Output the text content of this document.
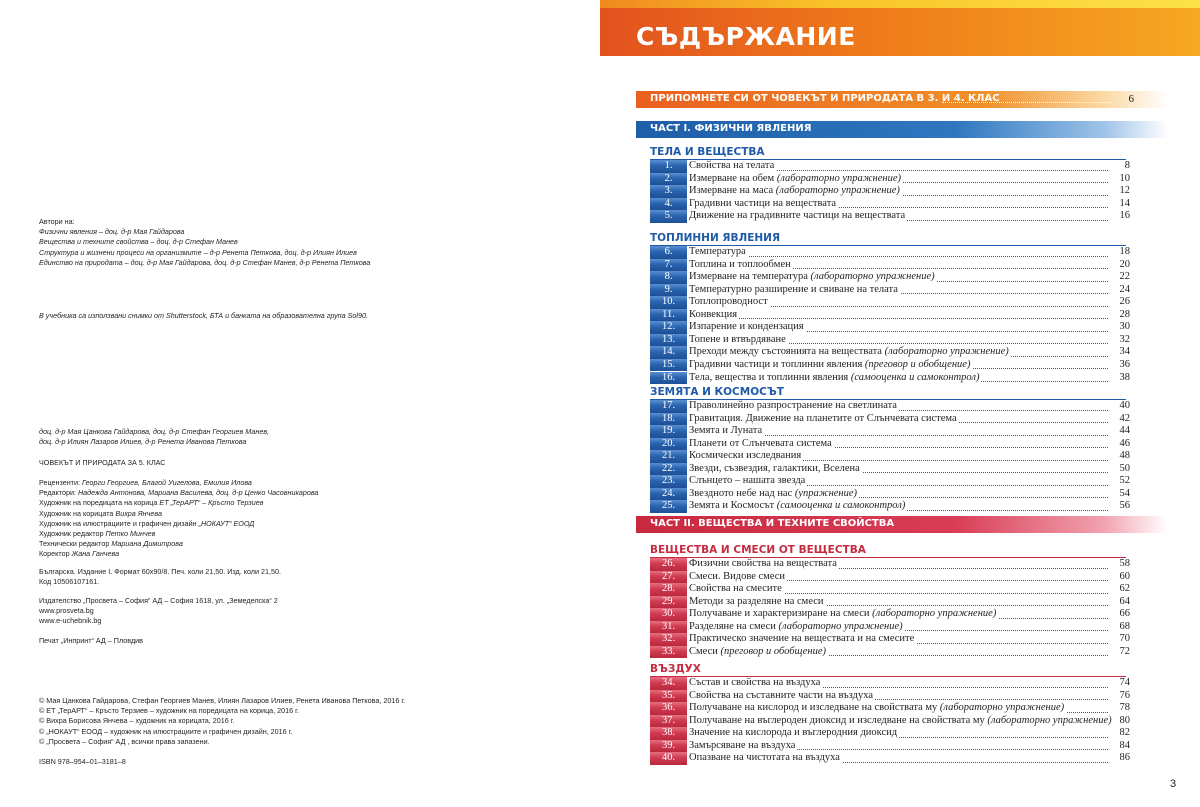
Автори на:
Физични явления – доц. д-р Мая Гайдарова
Вещества и техните свойства – доц. д-р Стефан Манев
Структура и жизнени процеси на организмите – д-р Ренета Петкова, доц. д-р Илиян Илиев
Единство на природата – доц. д-р Мая Гайдарова, доц. д-р Стефан Манев, д-р Ренета Петкова
В учебника са използвани снимки от Shutterstock, БТА и банката на образователна група Sol90.
доц. д-р Мая Цанкова Гайдарова, доц. д-р Стефан Георгиев Манев,
доц. д-р Илиян Лазаров Илиев, д-р Ренета Иванова Петкова
ЧОВЕКЪТ И ПРИРОДАТА ЗА 5. КЛАС
Рецензенти: Георги Георгиев, Благой Уигелова, Емилия Илова
Редактори: Надежда Антонова, Мариана Василева, доц. д-р Ценко Часовникарова
Художник на поредицата на корица ЕТ „ТерАРТ“ – Кръсто Терзиев
Художник на корицата Вихра Янчева
Художник на илюстрациите и графичен дизайн „НОКАУТ“ ЕООД
Художник редактор Петко Минчев
Технически редактор Мариана Димитрова
Коректор Жана Ганчева
Българска. Издание I. Формат 60х90/8. Печ. коли 21,50. Изд. коли 21,50.
Код 10506107161.
Издателство „Просвета – София“ АД – София 1618, ул. „Земеделска“ 2
www.prosveta.bg
www.e-uchebnik.bg
Печат „Инпринт“ АД – Пловдив
© Мая Цанкова Гайдарова, Стефан Георгиев Манев, Илиян Лазаров Илиев, Ренета Иванова Петкова, 2016 г.
© ЕТ „ТерАРТ“ – Кръсто Терзиев – художник на поредицата на корица, 2016 г.
© Вихра Борисова Янчева – художник на корицата, 2016 г.
© „НОКАУТ“ ЕООД – художник на илюстрациите и графичен дизайн, 2016 г.
© „Просвета – София“ АД , всички права запазени.
ISBN 978–954–01–3181–8
СЪДЪРЖАНИЕ
ПРИПОМНЕТЕ СИ ОТ ЧОВЕКЪТ И ПРИРОДАТА В 3. И 4. КЛАС	6
ЧАСТ I. ФИЗИЧНИ ЯВЛЕНИЯ
ЧАСТ II. ВЕЩЕСТВА И ТЕХНИТЕ СВОЙСТВА
ТЕЛА И ВЕЩЕСТВА
1.	Свойства на телата	8
2.	Измерване на обем (лабораторно упражнение)	10
3.	Измерване на маса (лабораторно упражнение)	12
4.	Градивни частици на веществата	14
5.	Движение на градивните частици на веществата	16
ТОПЛИННИ ЯВЛЕНИЯ
6.	Температура	18
7.	Топлина и топлообмен	20
8.	Измерване на температура (лабораторно упражнение)	22
9.	Температурно разширение и свиване на телата	24
10.	Топлопроводност	26
11.	Конвекция	28
12.	Изпарение и кондензация	30
13.	Топене и втвърдяване	32
14.	Преходи между състоянията на веществата (лабораторно упражнение)	34
15.	Градивни частици и топлинни явления (преговор и обобщение)	36
16.	Тела, вещества и топлинни явления (самооценка и самоконтрол)	38
ЗЕМЯТА И КОСМОСЪТ
17.	Праволинейно разпространение на светлината	40
18.	Гравитация. Движение на планетите от Слънчевата система	42
19.	Земята и Луната	44
20.	Планети от Слънчевата система	46
21.	Космически изследвания	48
22.	Звезди, съзвездия, галактики, Вселена	50
23.	Слънцето – нашата звезда	52
24.	Звездното небе над нас (упражнение)	54
25.	Земята и Космосът (самооценка и самоконтрол)	56
ВЕЩЕСТВА И СМЕСИ ОТ ВЕЩЕСТВА
26.	Физични свойства на веществата	58
27.	Смеси. Видове смеси	60
28.	Свойства на смесите	62
29.	Методи за разделяне на смеси	64
30.	Получаване и характеризиране на смеси (лабораторно упражнение)	66
31.	Разделяне на смеси (лабораторно упражнение)	68
32.	Практическо значение на веществата и на смесите	70
33.	Смеси (преговор и обобщение)	72
ВЪЗДУХ
34.	Състав и свойства на въздуха	74
35.	Свойства на съставните части на въздуха	76
36.	Получаване на кислород и изследване на свойствата му (лабораторно упражнение)	78
37.	Получаване на въглероден диоксид и изследване на свойствата му (лабораторно упражнение) 80
38.	Значение на кислорода и въглеродния диоксид	82
39.	Замърсяване на въздуха	84
40.	Опазване на чистотата на въздуха	86
3
